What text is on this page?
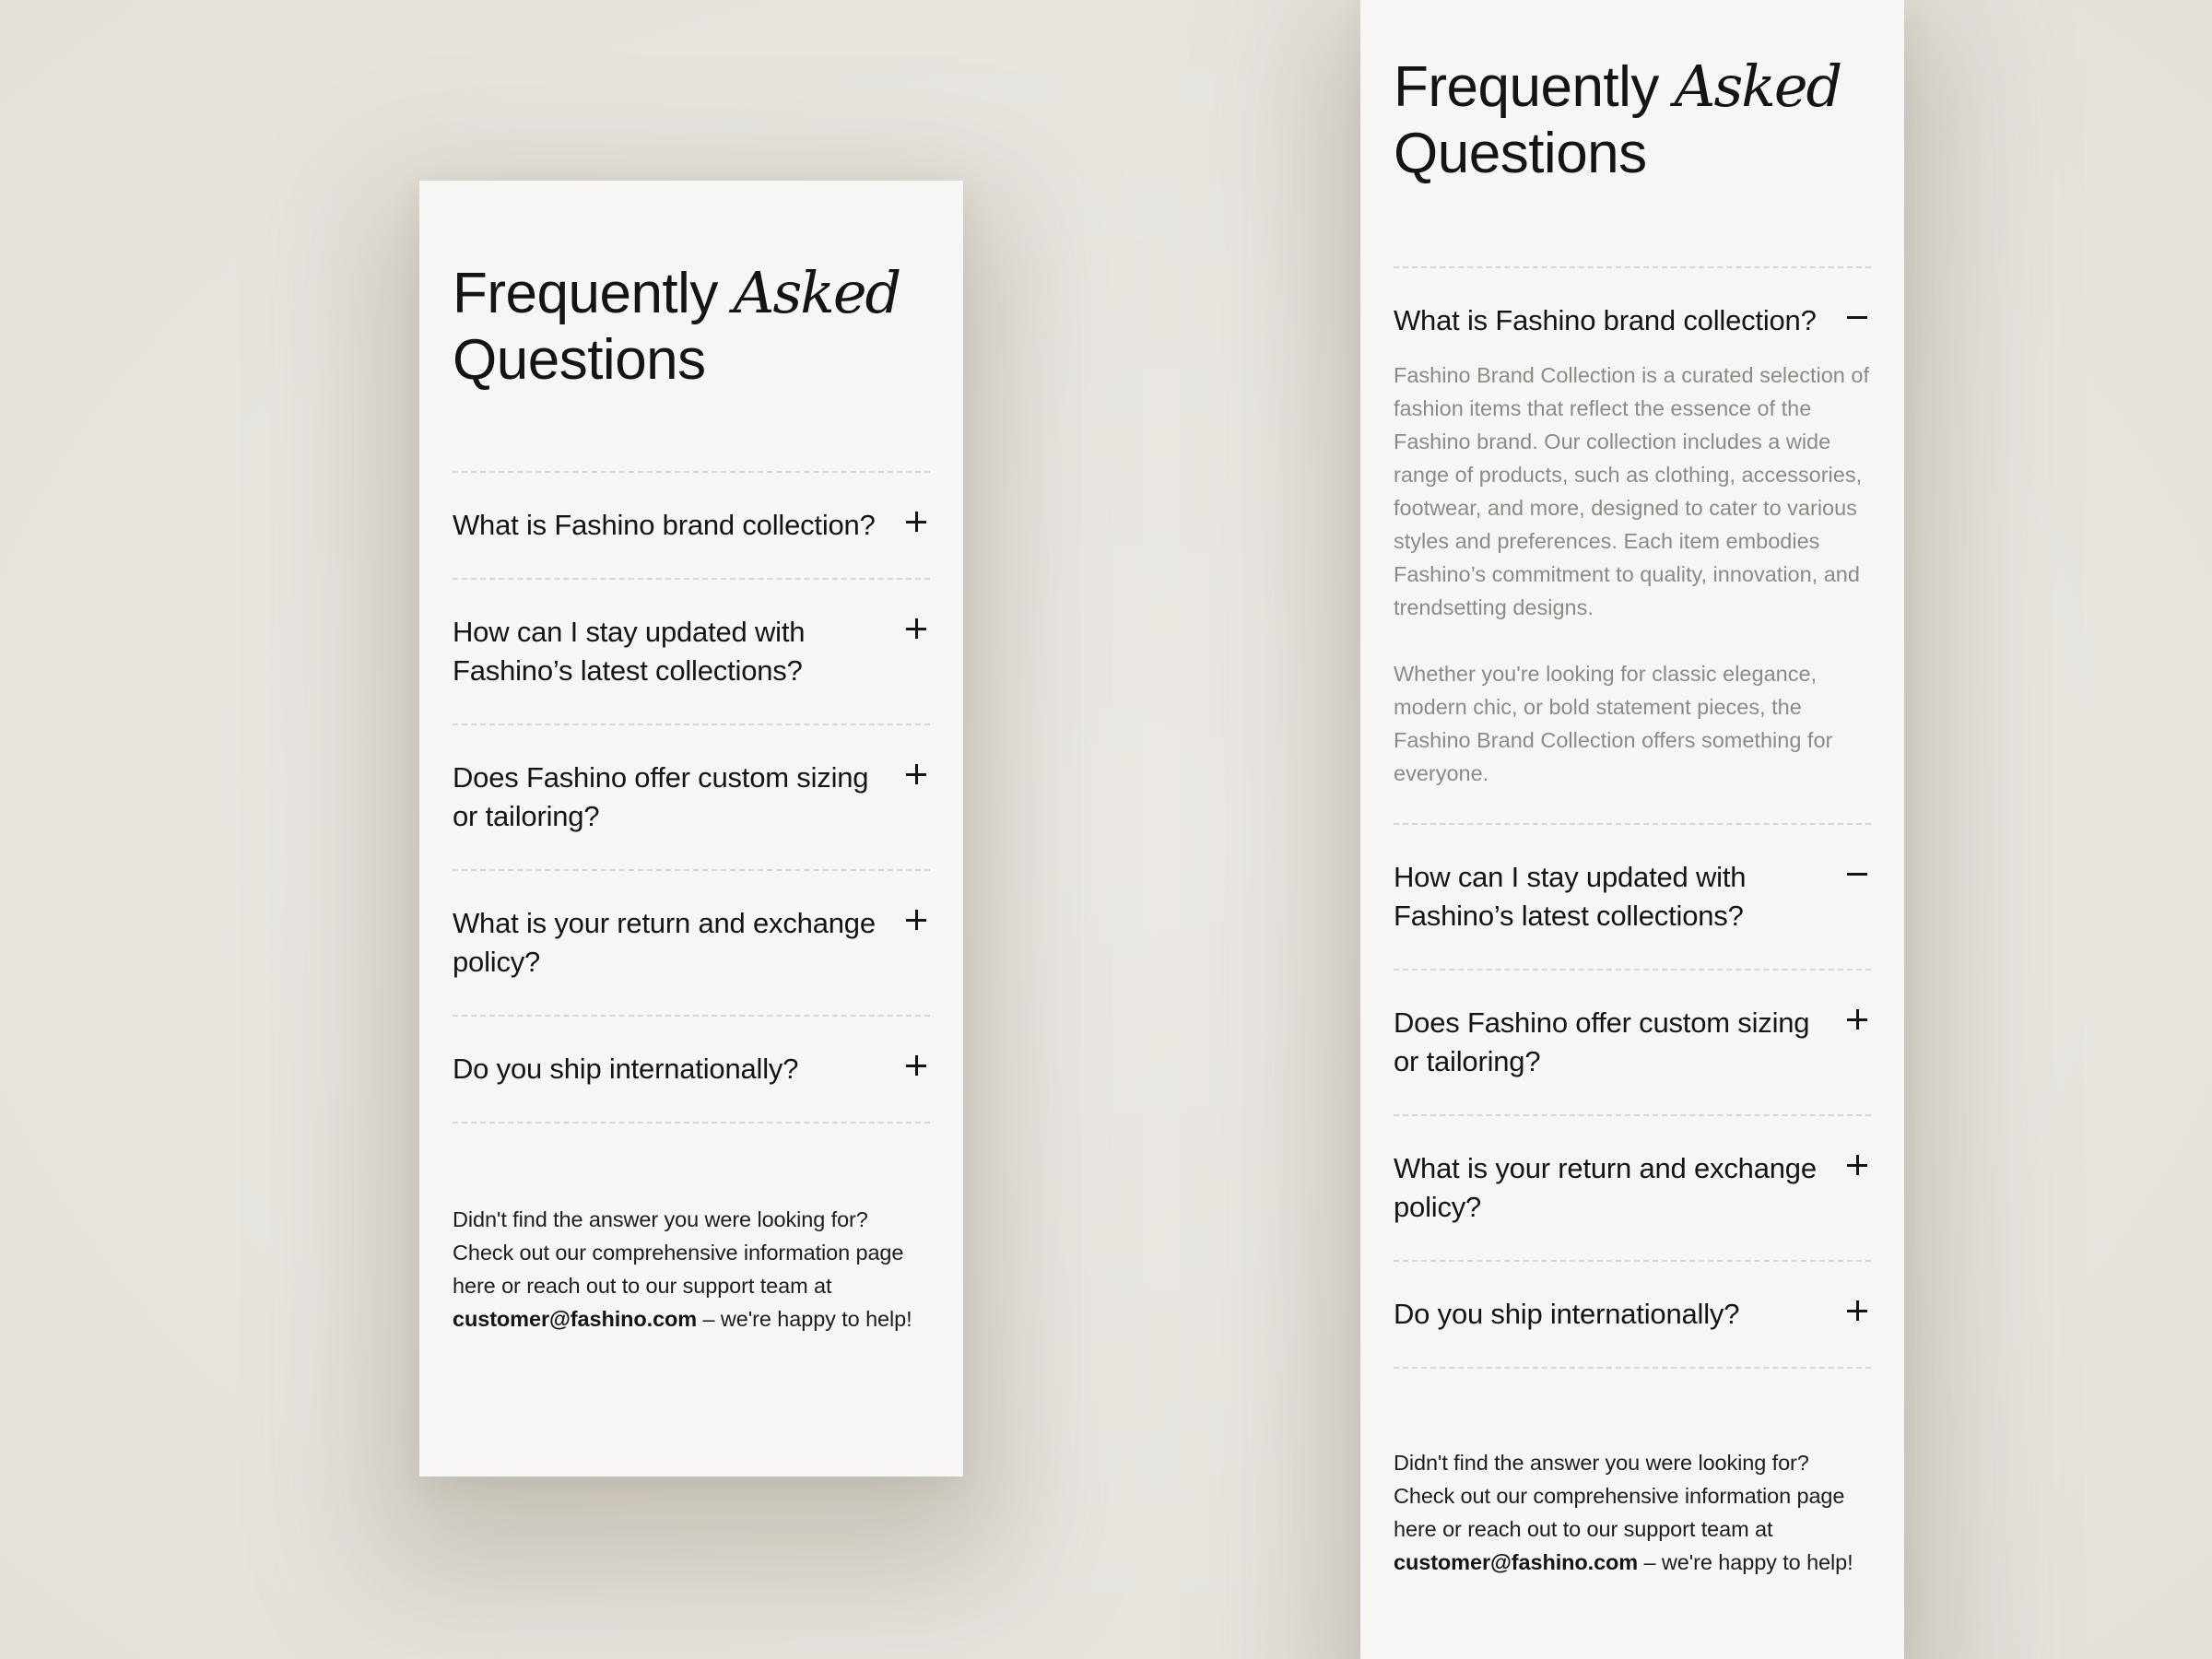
Frequently Asked
Questions
What is Fashino brand collection?
How can I stay updated with Fashino’s latest collections?
Does Fashino offer custom sizing or tailoring?
What is your return and exchange policy?
Do you ship internationally?

Didn't find the answer you were looking for? Check out our comprehensive information page here or reach out to our support team at customer@fashino.com – we're happy to help!

Frequently Asked
Questions
What is Fashino brand collection?

Fashino Brand Collection is a curated selection of fashion items that reflect the essence of the Fashino brand. Our collection includes a wide range of products, such as clothing, accessories, footwear, and more, designed to cater to various styles and preferences. Each item embodies Fashino’s commitment to quality, innovation, and trendsetting designs.

Whether you're looking for classic elegance, modern chic, or bold statement pieces, the Fashino Brand Collection offers something for everyone.

How can I stay updated with Fashino’s latest collections?
Does Fashino offer custom sizing or tailoring?
What is your return and exchange policy?
Do you ship internationally?

Didn't find the answer you were looking for? Check out our comprehensive information page here or reach out to our support team at customer@fashino.com – we're happy to help!
